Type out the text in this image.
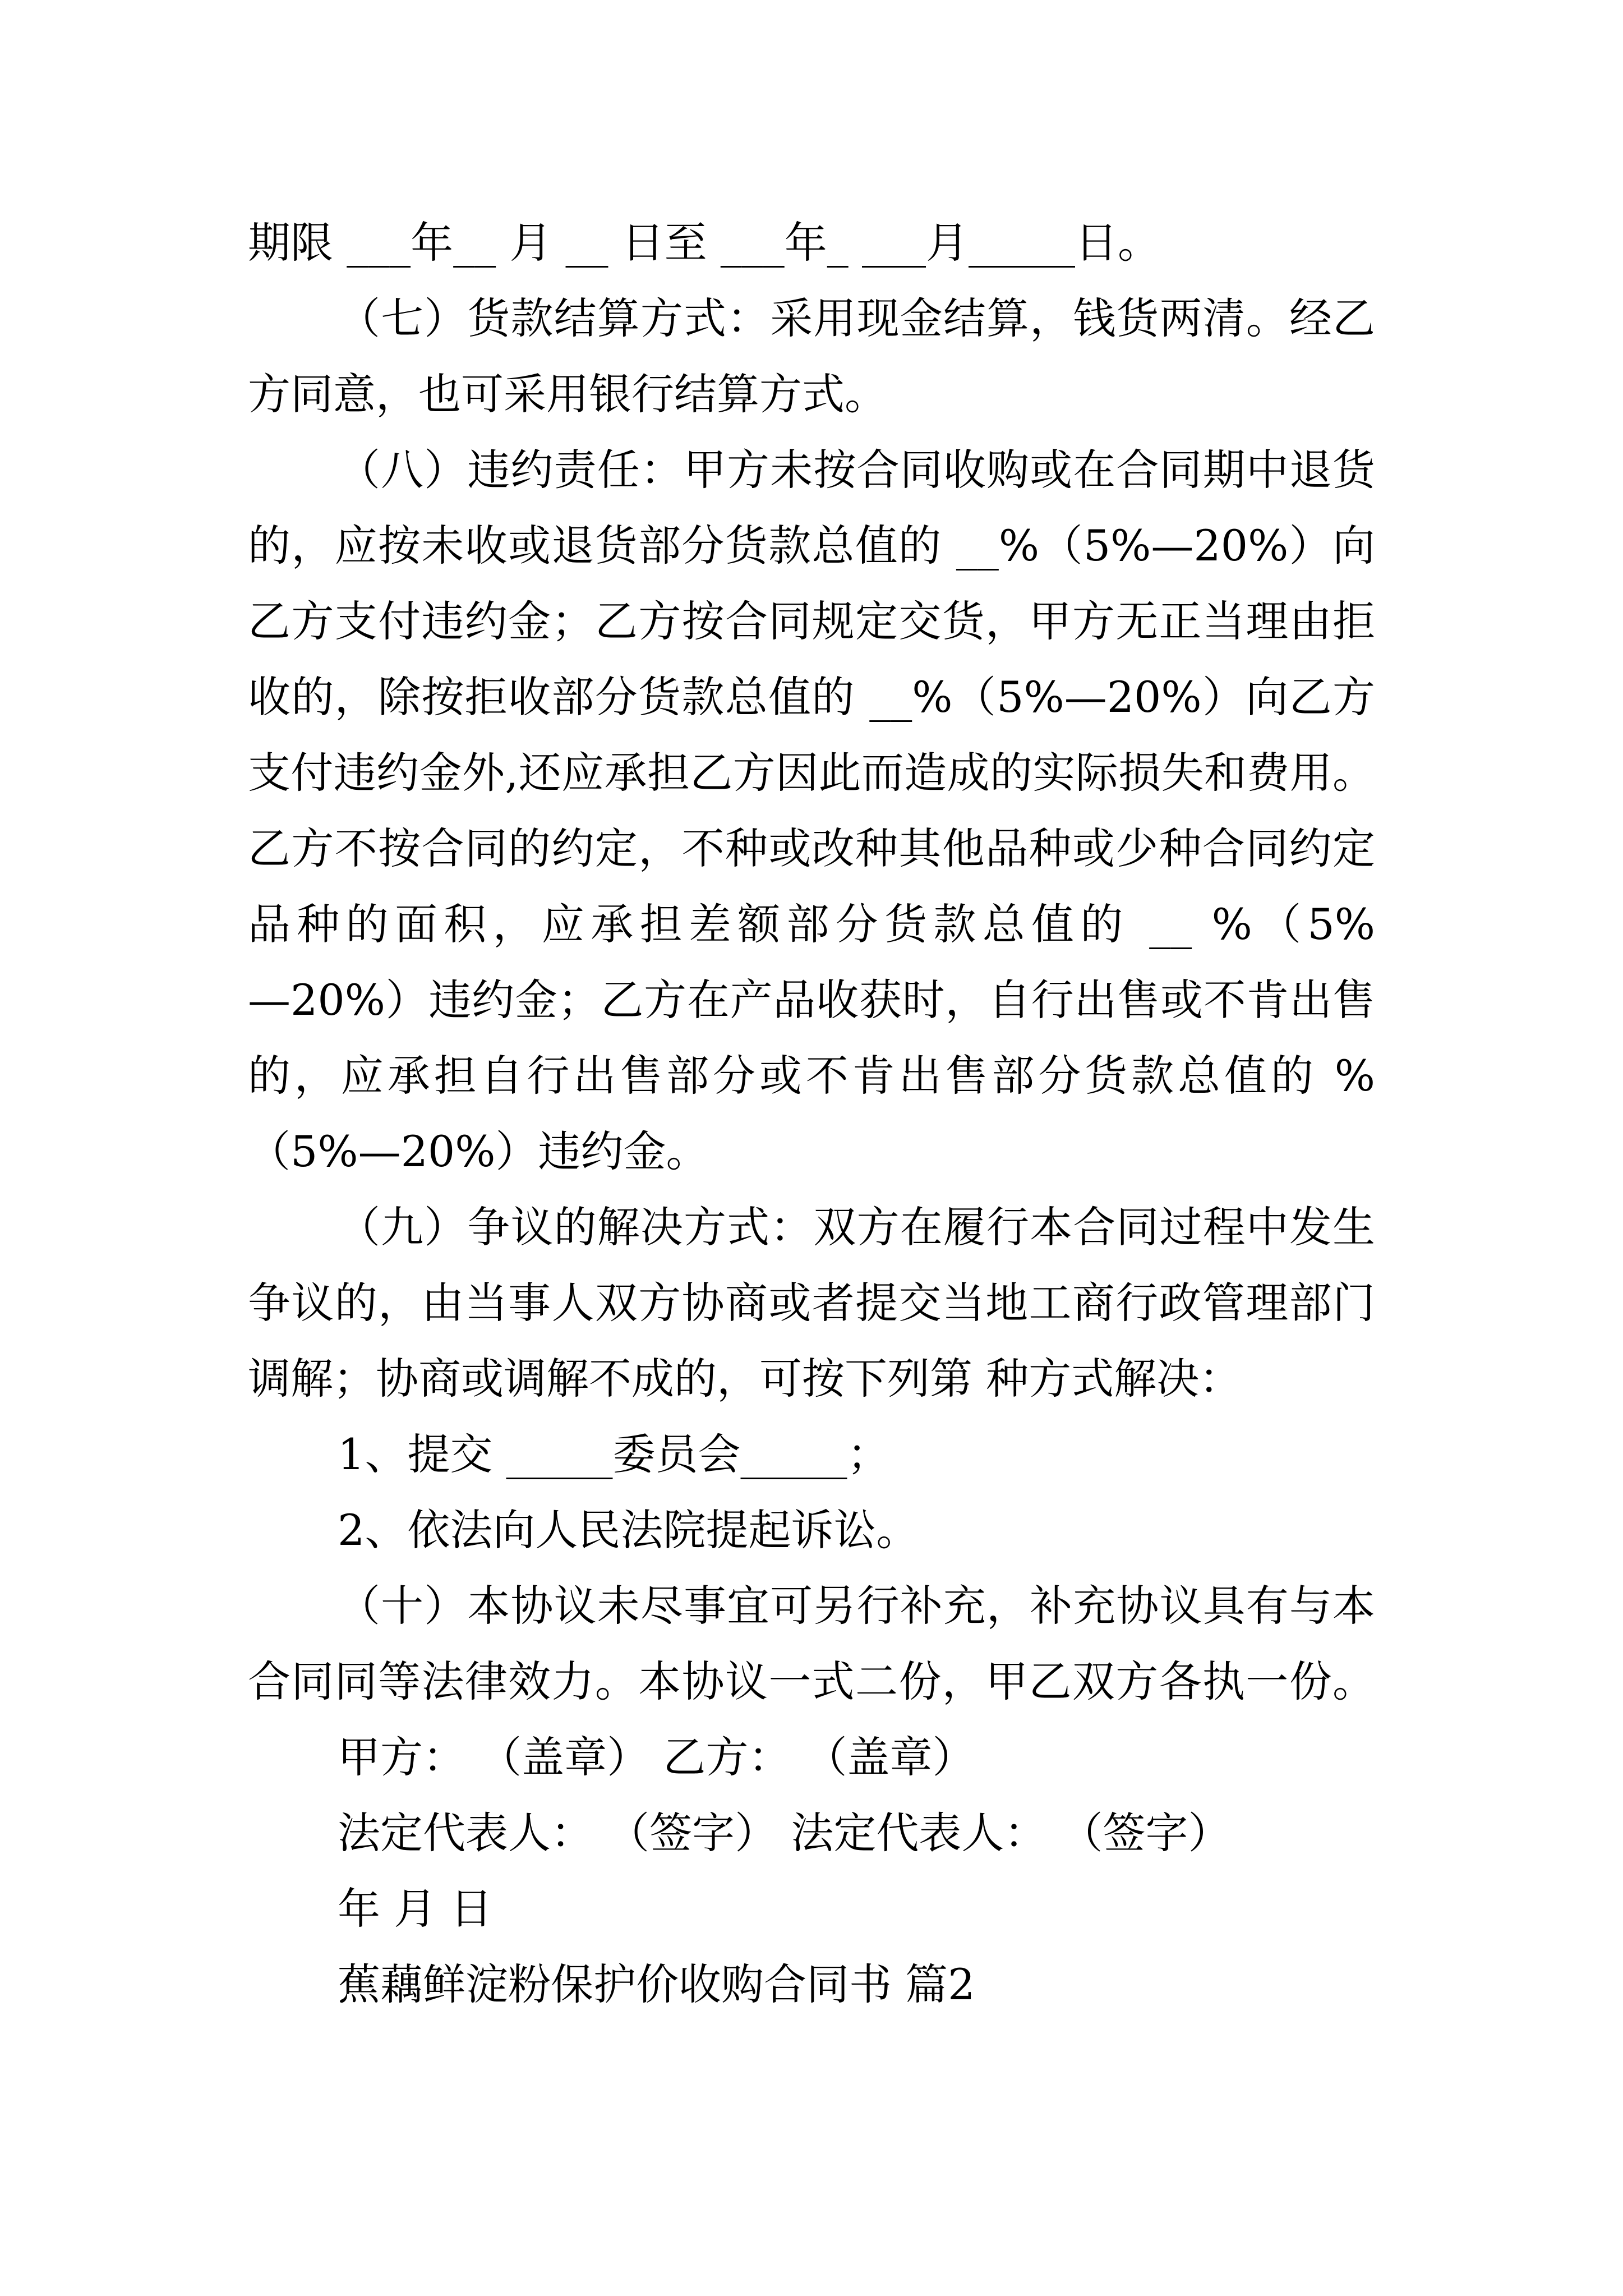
期限 ___年__ 月 __ 日至 ___年_ ___月_____日。
（七）货款结算方式：采用现金结算，钱货两清。经乙
方同意，也可采用银行结算方式。
（八）违约责任：甲方未按合同收购或在合同期中退货
的，应按未收或退货部分货款总值的 __%（5%—20%）向
乙方支付违约金；乙方按合同规定交货，甲方无正当理由拒
收的，除按拒收部分货款总值的 __%（5%—20%）向乙方
支付违约金外,还应承担乙方因此而造成的实际损失和费用。
乙方不按合同的约定，不种或改种其他品种或少种合同约定
品种的面积，应承担差额部分货款总值的 __ %（5%
—20%）违约金；乙方在产品收获时，自行出售或不肯出售
的，应承担自行出售部分或不肯出售部分货款总值的 %
（5%—20%）违约金。
（九）争议的解决方式：双方在履行本合同过程中发生
争议的，由当事人双方协商或者提交当地工商行政管理部门
调解；协商或调解不成的，可按下列第 种方式解决：
1、提交 _____委员会_____；
2、依法向人民法院提起诉讼。
（十）本协议未尽事宜可另行补充，补充协议具有与本
合同同等法律效力。本协议一式二份，甲乙双方各执一份。
甲方： （盖章） 乙方： （盖章）
法定代表人： （签字） 法定代表人： （签字）
年 月 日
蕉藕鲜淀粉保护价收购合同书 篇2
